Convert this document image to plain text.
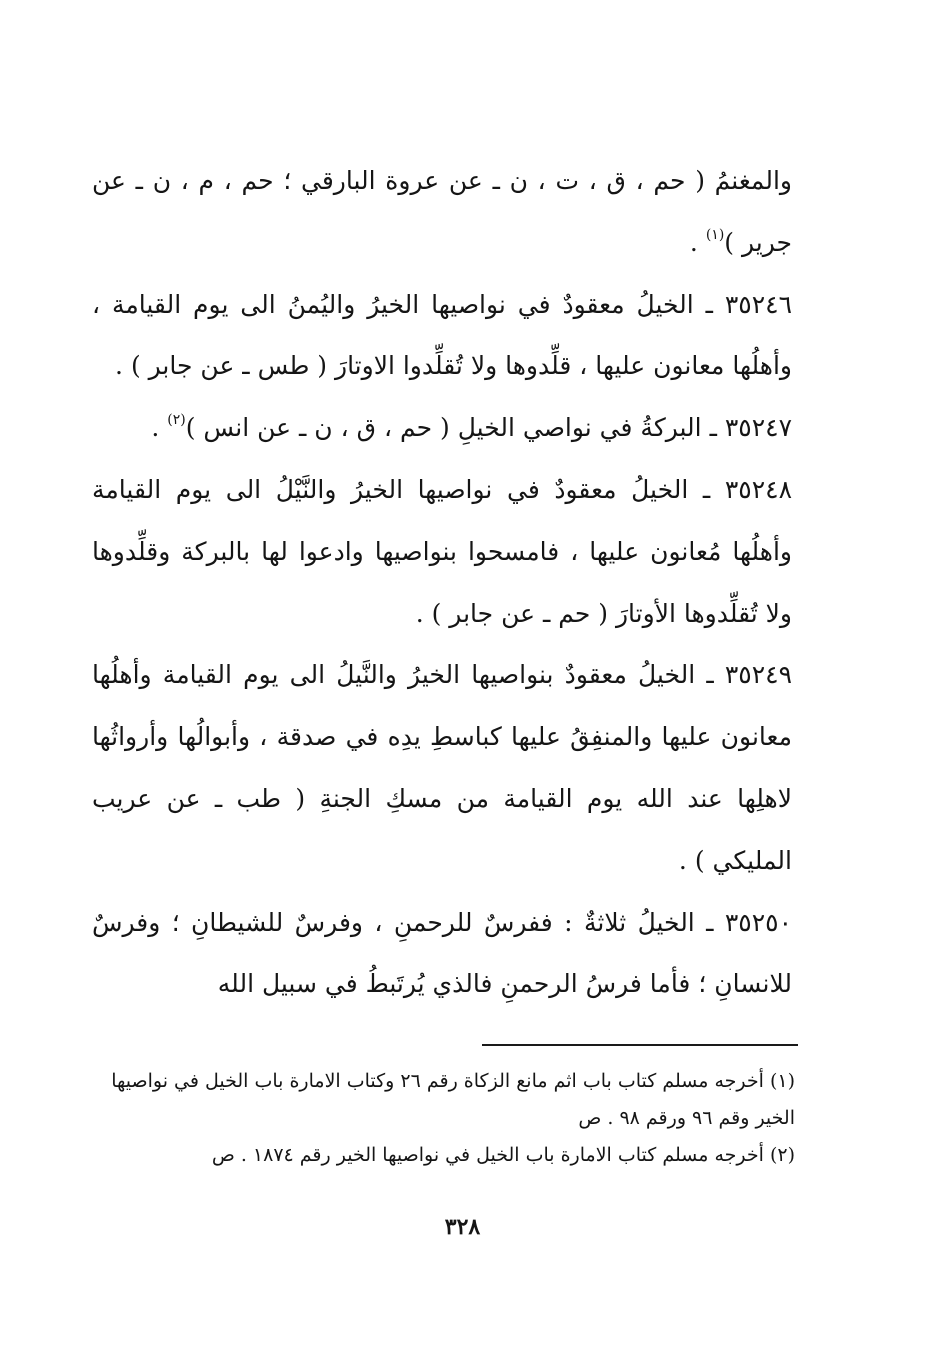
والمغنمُ ( حم ، ق ، ت ، ن ـ عن عروة البارقي ؛ حم ، م ، ن ـ عن جرير )$^{(١)}$ .

٣٥٢٤٦ ـ الخيلُ معقودٌ في نواصيها الخيرُ واليُمنُ الى يوم القيامة ، وأهلُها معانون عليها ، قلِّدوها ولا تُقلِّدوا الاوتارَ ( طس ـ عن جابر ) .

٣٥٢٤٧ ـ البركةُ في نواصي الخيلِ ( حم ، ق ، ن ـ عن انس )$^{(٢)}$ .

٣٥٢٤٨ ـ الخيلُ معقودٌ في نواصيها الخيرُ والنَّيْلُ الى يوم القيامة وأهلُها مُعانون عليها ، فامسحوا بنواصيها وادعوا لها بالبركة وقلِّدوها ولا تُقلِّدوها الأوتارَ ( حم ـ عن جابر ) .

٣٥٢٤٩ ـ الخيلُ معقودٌ بنواصيها الخيرُ والنَّيلُ الى يوم القيامة وأهلُها معانون عليها والمنفِقُ عليها كباسطِ يدِه في صدقة ، وأبوالُها وأرواثُها لاهلِها عند الله يوم القيامة من مسكِ الجنةِ ( طب ـ عن عريب المليكي ) .

٣٥٢٥٠ ـ الخيلُ ثلاثةٌ : ففرسٌ للرحمنِ ، وفرسٌ للشيطانِ ؛ وفرسٌ للانسانِ ؛ فأما فرسُ الرحمنِ فالذي يُرتَبطُ في سبيل الله

(١) أخرجه مسلم كتاب باب اثم مانع الزكاة رقم ٢٦ وكتاب الامارة باب الخيل في نواصيها الخير وقم ٩٦ ورقم ٩٨ . ص

(٢) أخرجه مسلم كتاب الامارة باب الخيل في نواصيها الخير رقم ١٨٧٤ . ص

٣٢٨
